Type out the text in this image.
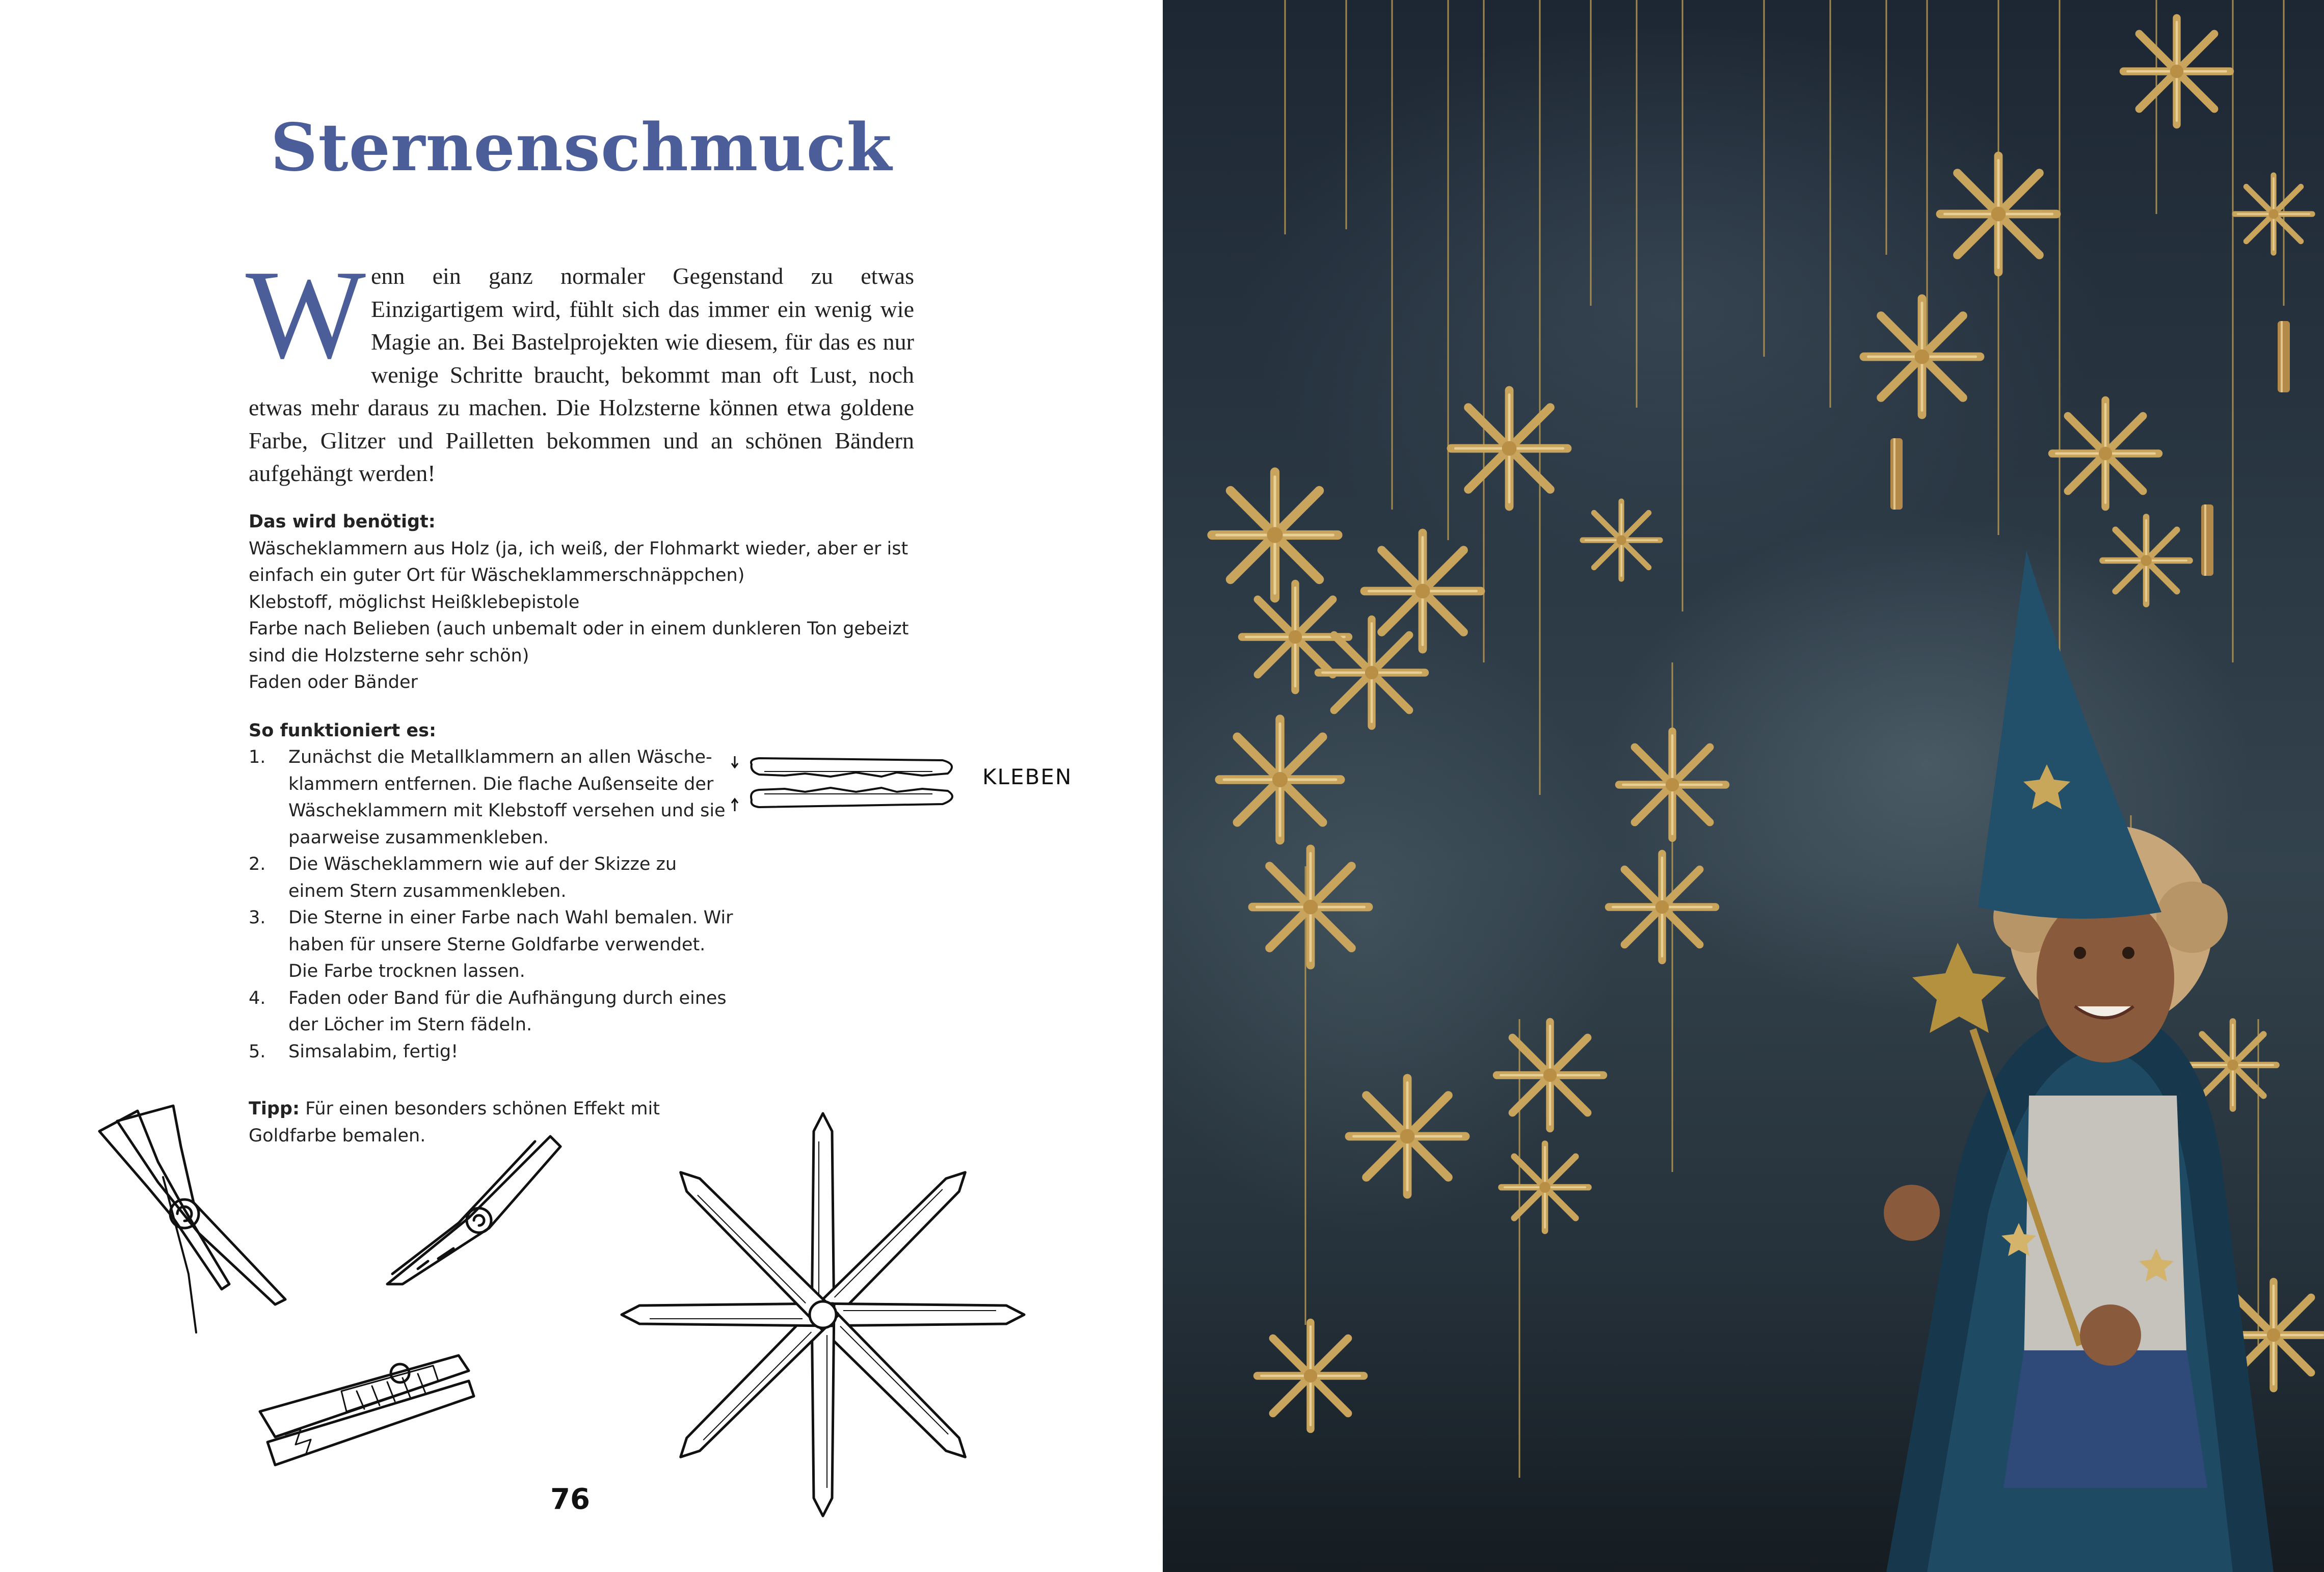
Sternenschmuck
Wenn ein ganz normaler Gegenstand zu etwas Einzigartigem wird, fühlt sich das immer ein wenig wie Magie an. Bei Bastelprojekten wie diesem, für das es nur wenige Schritte braucht, bekommt man oft Lust, noch etwas mehr daraus zu machen. Die Holzsterne können etwa goldene Farbe, Glitzer und Pailletten bekommen und an schönen Bändern aufgehängt werden!
Das wird benötigt:
Wäscheklammern aus Holz (ja, ich weiß, der Flohmarkt wieder, aber er ist einfach ein guter Ort für Wäscheklammerschnäppchen)
Klebstoff, möglichst Heißklebepistole
Farbe nach Belieben (auch unbemalt oder in einem dunkleren Ton gebeizt sind die Holzsterne sehr schön)
Faden oder Bänder
So funktioniert es:
1. Zunächst die Metallklammern an allen Wäsche-klammern entfernen. Die flache Außenseite der Wäscheklammern mit Klebstoff versehen und sie paarweise zusammenkleben.
2. Die Wäscheklammern wie auf der Skizze zu einem Stern zusammenkleben.
3. Die Sterne in einer Farbe nach Wahl bemalen. Wir haben für unsere Sterne Goldfarbe verwendet. Die Farbe trocknen lassen.
4. Faden oder Band für die Aufhängung durch eines der Löcher im Stern fädeln.
5. Simsalabim, fertig!
KLEBEN
Tipp: Für einen besonders schönen Effekt mit Goldfarbe bemalen.
76
